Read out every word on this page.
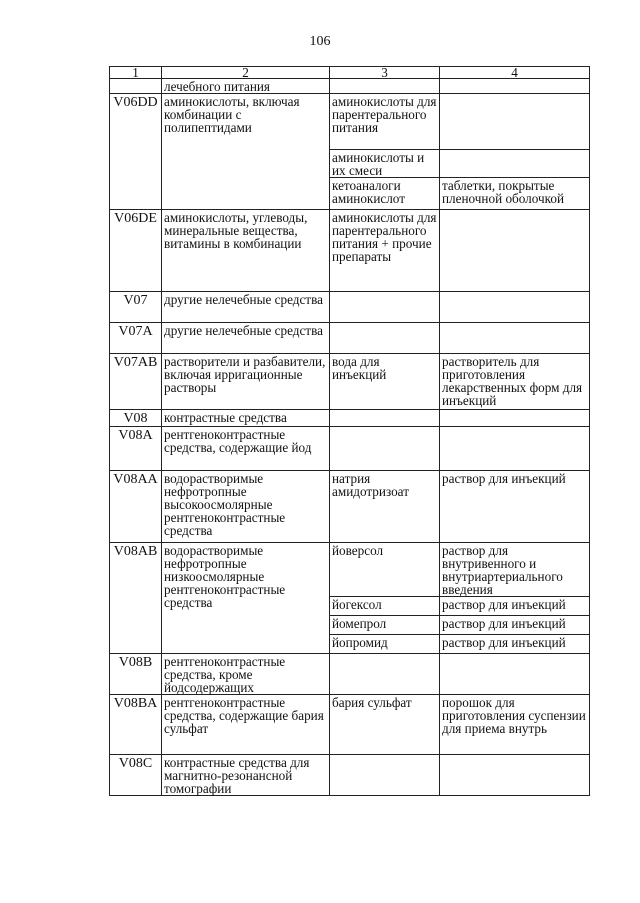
106
1	2	3	4
	лечебного питания		
V06DD	аминокислоты, включая комбинации с полипептидами	аминокислоты для парентерального питания	
		аминокислоты и их смеси	
		кетоаналоги аминокислот	таблетки, покрытые пленочной оболочкой
V06DE	аминокислоты, углеводы, минеральные вещества, витамины в комбинации	аминокислоты для парентерального питания + прочие препараты	
V07	другие нелечебные средства		
V07A	другие нелечебные средства		
V07AB	растворители и разбавители, включая ирригационные растворы	вода для инъекций	растворитель для приготовления лекарственных форм для инъекций
V08	контрастные средства		
V08A	рентгеноконтрастные средства, содержащие йод		
V08AA	водорастворимые нефротропные высокоосмолярные рентгеноконтрастные средства	натрия амидотризоат	раствор для инъекций
V08AB	водорастворимые нефротропные низкоосмолярные рентгеноконтрастные средства	йоверсол	раствор для внутривенного и внутриартериального введения
		йогексол	раствор для инъекций
		йомепрол	раствор для инъекций
		йопромид	раствор для инъекций
V08B	рентгеноконтрастные средства, кроме йодсодержащих		
V08BA	рентгеноконтрастные средства, содержащие бария сульфат	бария сульфат	порошок для приготовления суспензии для приема внутрь
V08C	контрастные средства для магнитно-резонансной томографии		
